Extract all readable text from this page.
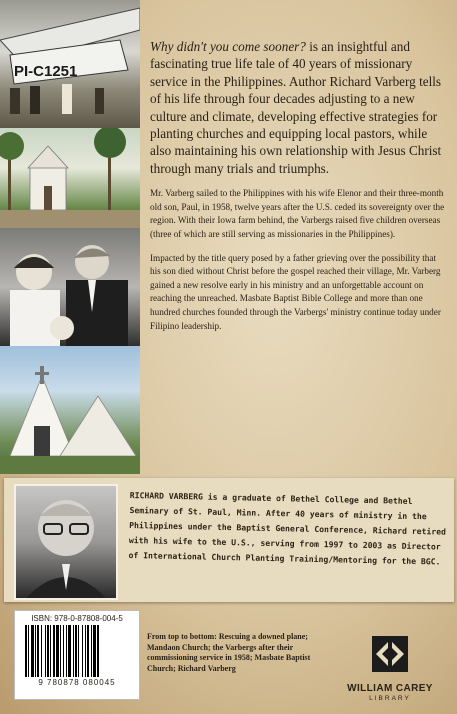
PI-C1251

Why didn't you come sooner? is an insightful and fascinating true life tale of 40 years of missionary service in the Philippines. Author Richard Varberg tells of his life through four decades adjusting to a new culture and climate, developing effective strategies for planting churches and equipping local pastors, while also maintaining his own relationship with Jesus Christ through many trials and triumphs.

Mr. Varberg sailed to the Philippines with his wife Elenor and their three-month old son, Paul, in 1958, twelve years after the U.S. ceded its sovereignty over the region. With their Iowa farm behind, the Varbergs raised five children overseas (three of which are still serving as missionaries in the Philippines).

Impacted by the title query posed by a father grieving over the possibility that his son died without Christ before the gospel reached their village, Mr. Varberg gained a new resolve early in his ministry and an unforgettable account on reaching the unreached. Masbate Baptist Bible College and more than one hundred churches founded through the Varbergs' ministry continue today under Filipino leadership.

RICHARD VARBERG is a graduate of Bethel College and Bethel Seminary of St. Paul, Minn. After 40 years of ministry in the Philippines under the Baptist General Conference, Richard retired with his wife to the U.S., serving from 1997 to 2003 as Director of International Church Planting Training/Mentoring for the BGC.
ISBN: 978-0-87808-004-5
9 780878 080045
From top to bottom: Rescuing a downed plane; Mandaon Church; the Varbergs after their commissioning service in 1958; Masbate Baptist Church; Richard Varberg
WILLIAM CAREY
LIBRARY
